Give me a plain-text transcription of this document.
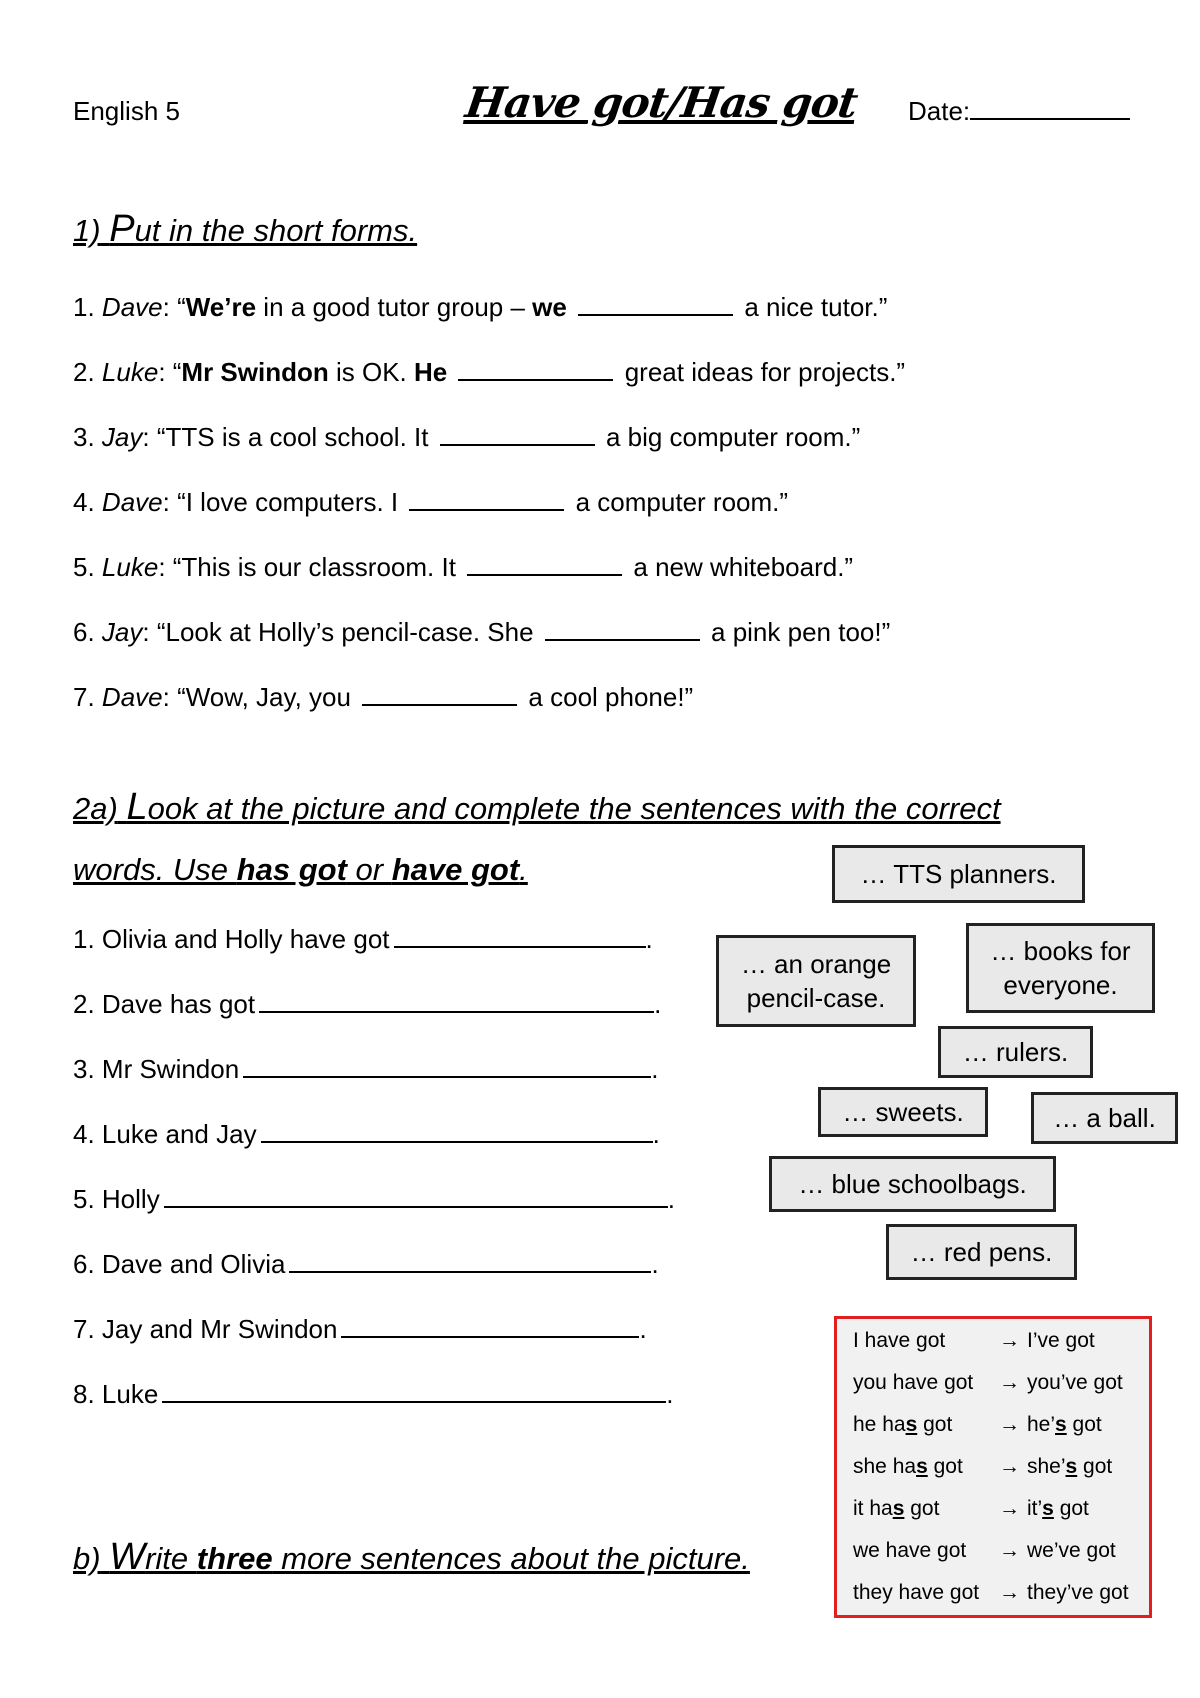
English 5	Have got/Has got Date:
1) Put in the short forms.
1. Dave: “We’re in a good tutor group – we	a nice tutor.”
2. Luke: “Mr Swindon is OK. He	great ideas for projects.”
3. Jay: “TTS is a cool school. It	a big computer room.”
4. Dave: “I love computers. I	a computer room.”
5. Luke: “This is our classroom. It	a new whiteboard.”
6. Jay: “Look at Holly’s pencil-case. She	a pink pen too!”
7. Dave: “Wow, Jay, you	a cool phone!”
2a) Look at the picture and complete the sentences with the correct
words. Use has got or have got.
1. Olivia and Holly have got	.
2. Dave has got	.
3. Mr Swindon	.
4. Luke and Jay	.
5. Holly	.
6. Dave and Olivia	.
7. Jay and Mr Swindon	.
8. Luke	.
… TTS planners.
… an orange pencil-case.
… books for everyone.
… rulers.
… sweets.	… a ball.
… blue schoolbags.
… red pens.
I have got	→ I’ve got
you have got → you’ve got
he has got → he’s got
she has got → she’s got
it has got	→ it’s got
we have got → we’ve got
they have got → they’ve got
b) Write three more sentences about the picture.
